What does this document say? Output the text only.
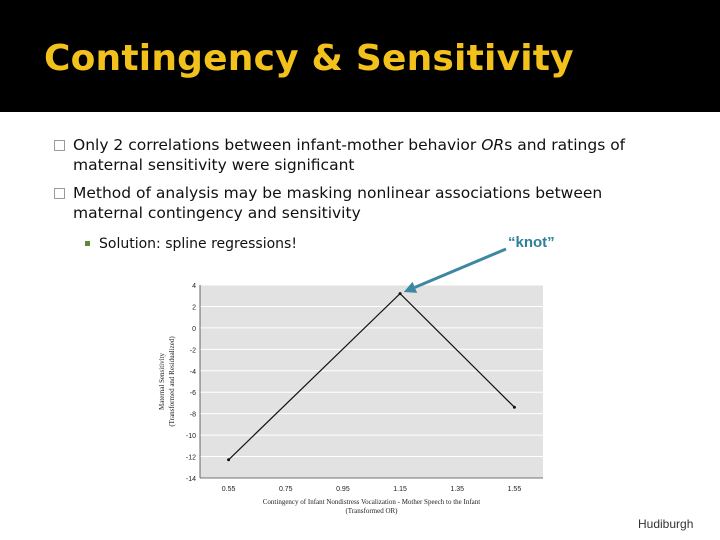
Contingency & Sensitivity
Only 2 correlations between infant-mother behavior ORs and ratings of
maternal sensitivity were significant
Method of analysis may be masking nonlinear associations between
maternal contingency and sensitivity
Solution: spline regressions!	“knot”
4
2
0
-2
-4
-6
-8
-10
-12
-14
0.55	0.75	0.95	1.15	1.35	1.55
Contingency of Infant Nondistress Vocalization - Mother Speech to the Infant
(Transformed OR)
Maternal Sensitivity (Transformed and Residualized)
Hudiburgh
